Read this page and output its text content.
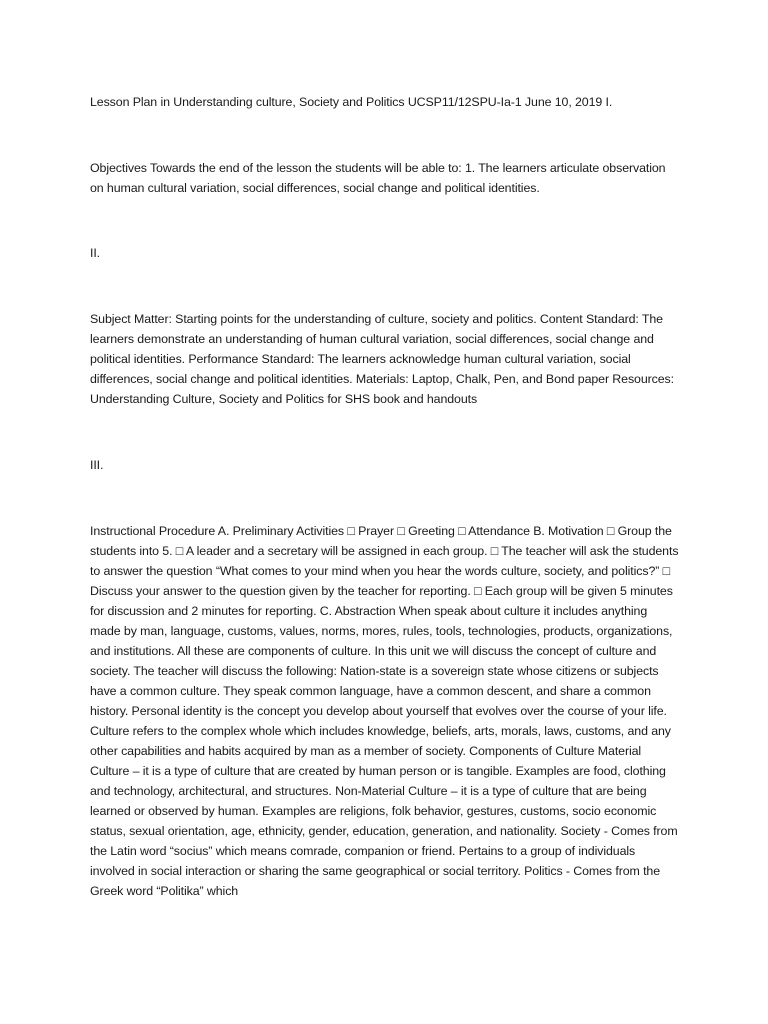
Lesson Plan in Understanding culture, Society and Politics UCSP11/12SPU-Ia-1 June 10, 2019 I.

Objectives Towards the end of the lesson the students will be able to: 1. The learners articulate observation on human cultural variation, social differences, social change and political identities.

II.

Subject Matter: Starting points for the understanding of culture, society and politics. Content Standard: The learners demonstrate an understanding of human cultural variation, social differences, social change and political identities. Performance Standard: The learners acknowledge human cultural variation, social differences, social change and political identities. Materials: Laptop, Chalk, Pen, and Bond paper Resources: Understanding Culture, Society and Politics for SHS book and handouts

III.

Instructional Procedure A. Preliminary Activities □ Prayer □ Greeting □ Attendance B. Motivation □ Group the students into 5. □ A leader and a secretary will be assigned in each group. □ The teacher will ask the students to answer the question “What comes to your mind when you hear the words culture, society, and politics?” □ Discuss your answer to the question given by the teacher for reporting. □ Each group will be given 5 minutes for discussion and 2 minutes for reporting. C. Abstraction When speak about culture it includes anything made by man, language, customs, values, norms, mores, rules, tools, technologies, products, organizations, and institutions. All these are components of culture. In this unit we will discuss the concept of culture and society. The teacher will discuss the following: Nation-state is a sovereign state whose citizens or subjects have a common culture. They speak common language, have a common descent, and share a common history. Personal identity is the concept you develop about yourself that evolves over the course of your life. Culture refers to the complex whole which includes knowledge, beliefs, arts, morals, laws, customs, and any other capabilities and habits acquired by man as a member of society. Components of Culture Material Culture – it is a type of culture that are created by human person or is tangible. Examples are food, clothing and technology, architectural, and structures. Non-Material Culture – it is a type of culture that are being learned or observed by human. Examples are religions, folk behavior, gestures, customs, socio economic status, sexual orientation, age, ethnicity, gender, education, generation, and nationality. Society - Comes from the Latin word “socius” which means comrade, companion or friend. Pertains to a group of individuals involved in social interaction or sharing the same geographical or social territory. Politics - Comes from the Greek word “Politika” which
